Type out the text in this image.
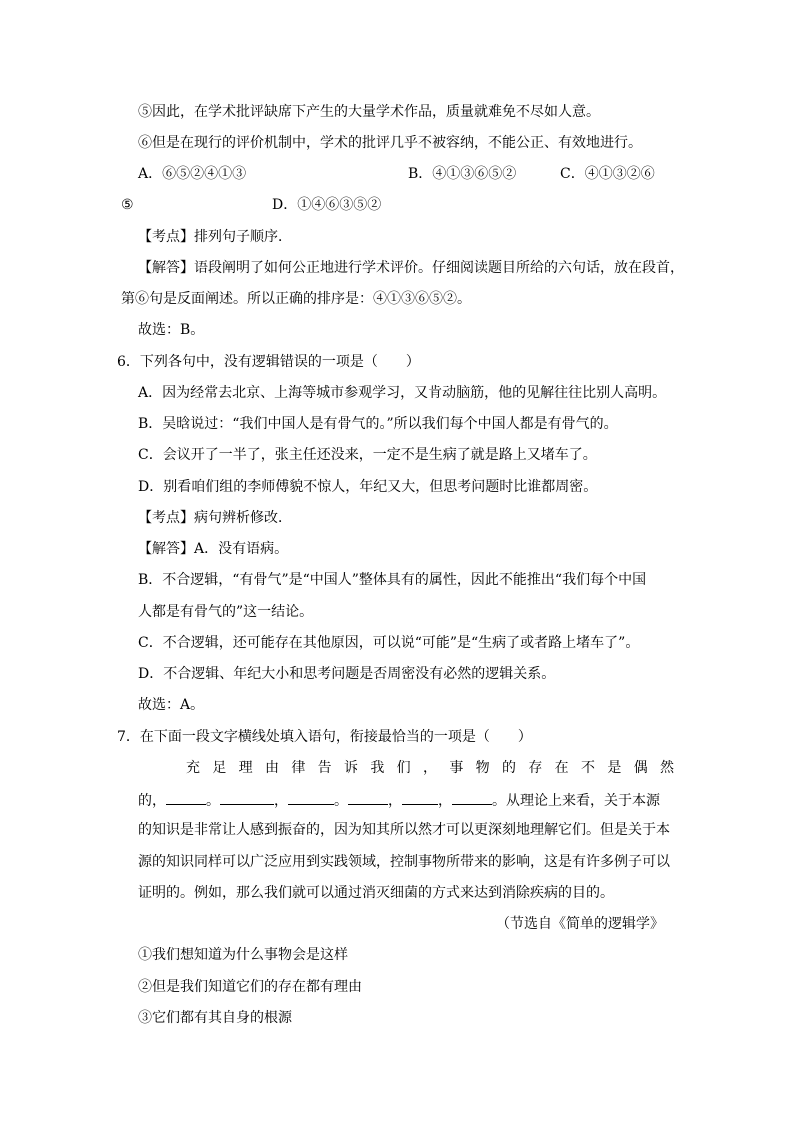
⑤因此，在学术批评缺席下产生的大量学术作品，质量就难免不尽如人意。
⑥但是在现行的评价机制中，学术的批评几乎不被容纳，不能公正、有效地进行。
A．⑥⑤②④①③	B．④①③⑥⑤②	C．④①③②⑥
⑤	D．①④⑥③⑤②
【考点】排列句子顺序．
【解答】语段阐明了如何公正地进行学术评价。仔细阅读题目所给的六句话，放在段首，
第⑥句是反面阐述。所以正确的排序是：④①③⑥⑤②。
故选：B。
6．下列各句中，没有逻辑错误的一项是（　　）
A．因为经常去北京、上海等城市参观学习，又肯动脑筋，他的见解往往比别人高明。
B．吴晗说过：“我们中国人是有骨气的。”所以我们每个中国人都是有骨气的。
C．会议开了一半了，张主任还没来，一定不是生病了就是路上又堵车了。
D．别看咱们组的李师傅貌不惊人，年纪又大，但思考问题时比谁都周密。
【考点】病句辨析修改．
【解答】A．没有语病。
B．不合逻辑，“有骨气”是“中国人”整体具有的属性，因此不能推出“我们每个中国
人都是有骨气的”这一结论。
C．不合逻辑，还可能存在其他原因，可以说“可能”是“生病了或者路上堵车了”。
D．不合逻辑、年纪大小和思考问题是否周密没有必然的逻辑关系。
故选：A。
7．在下面一段文字横线处填入语句，衔接最恰当的一项是（　　）
充足理由律告诉我们，事物的存在不是偶然
的，	。	，	。	，	，	。从理论上来看，关于本源
的知识是非常让人感到振奋的，因为知其所以然才可以更深刻地理解它们。但是关于本
源的知识同样可以广泛应用到实践领域，控制事物所带来的影响，这是有许多例子可以
证明的。例如，那么我们就可以通过消灭细菌的方式来达到消除疾病的目的。
（节选自《简单的逻辑学》
①我们想知道为什么事物会是这样
②但是我们知道它们的存在都有理由
③它们都有其自身的根源
